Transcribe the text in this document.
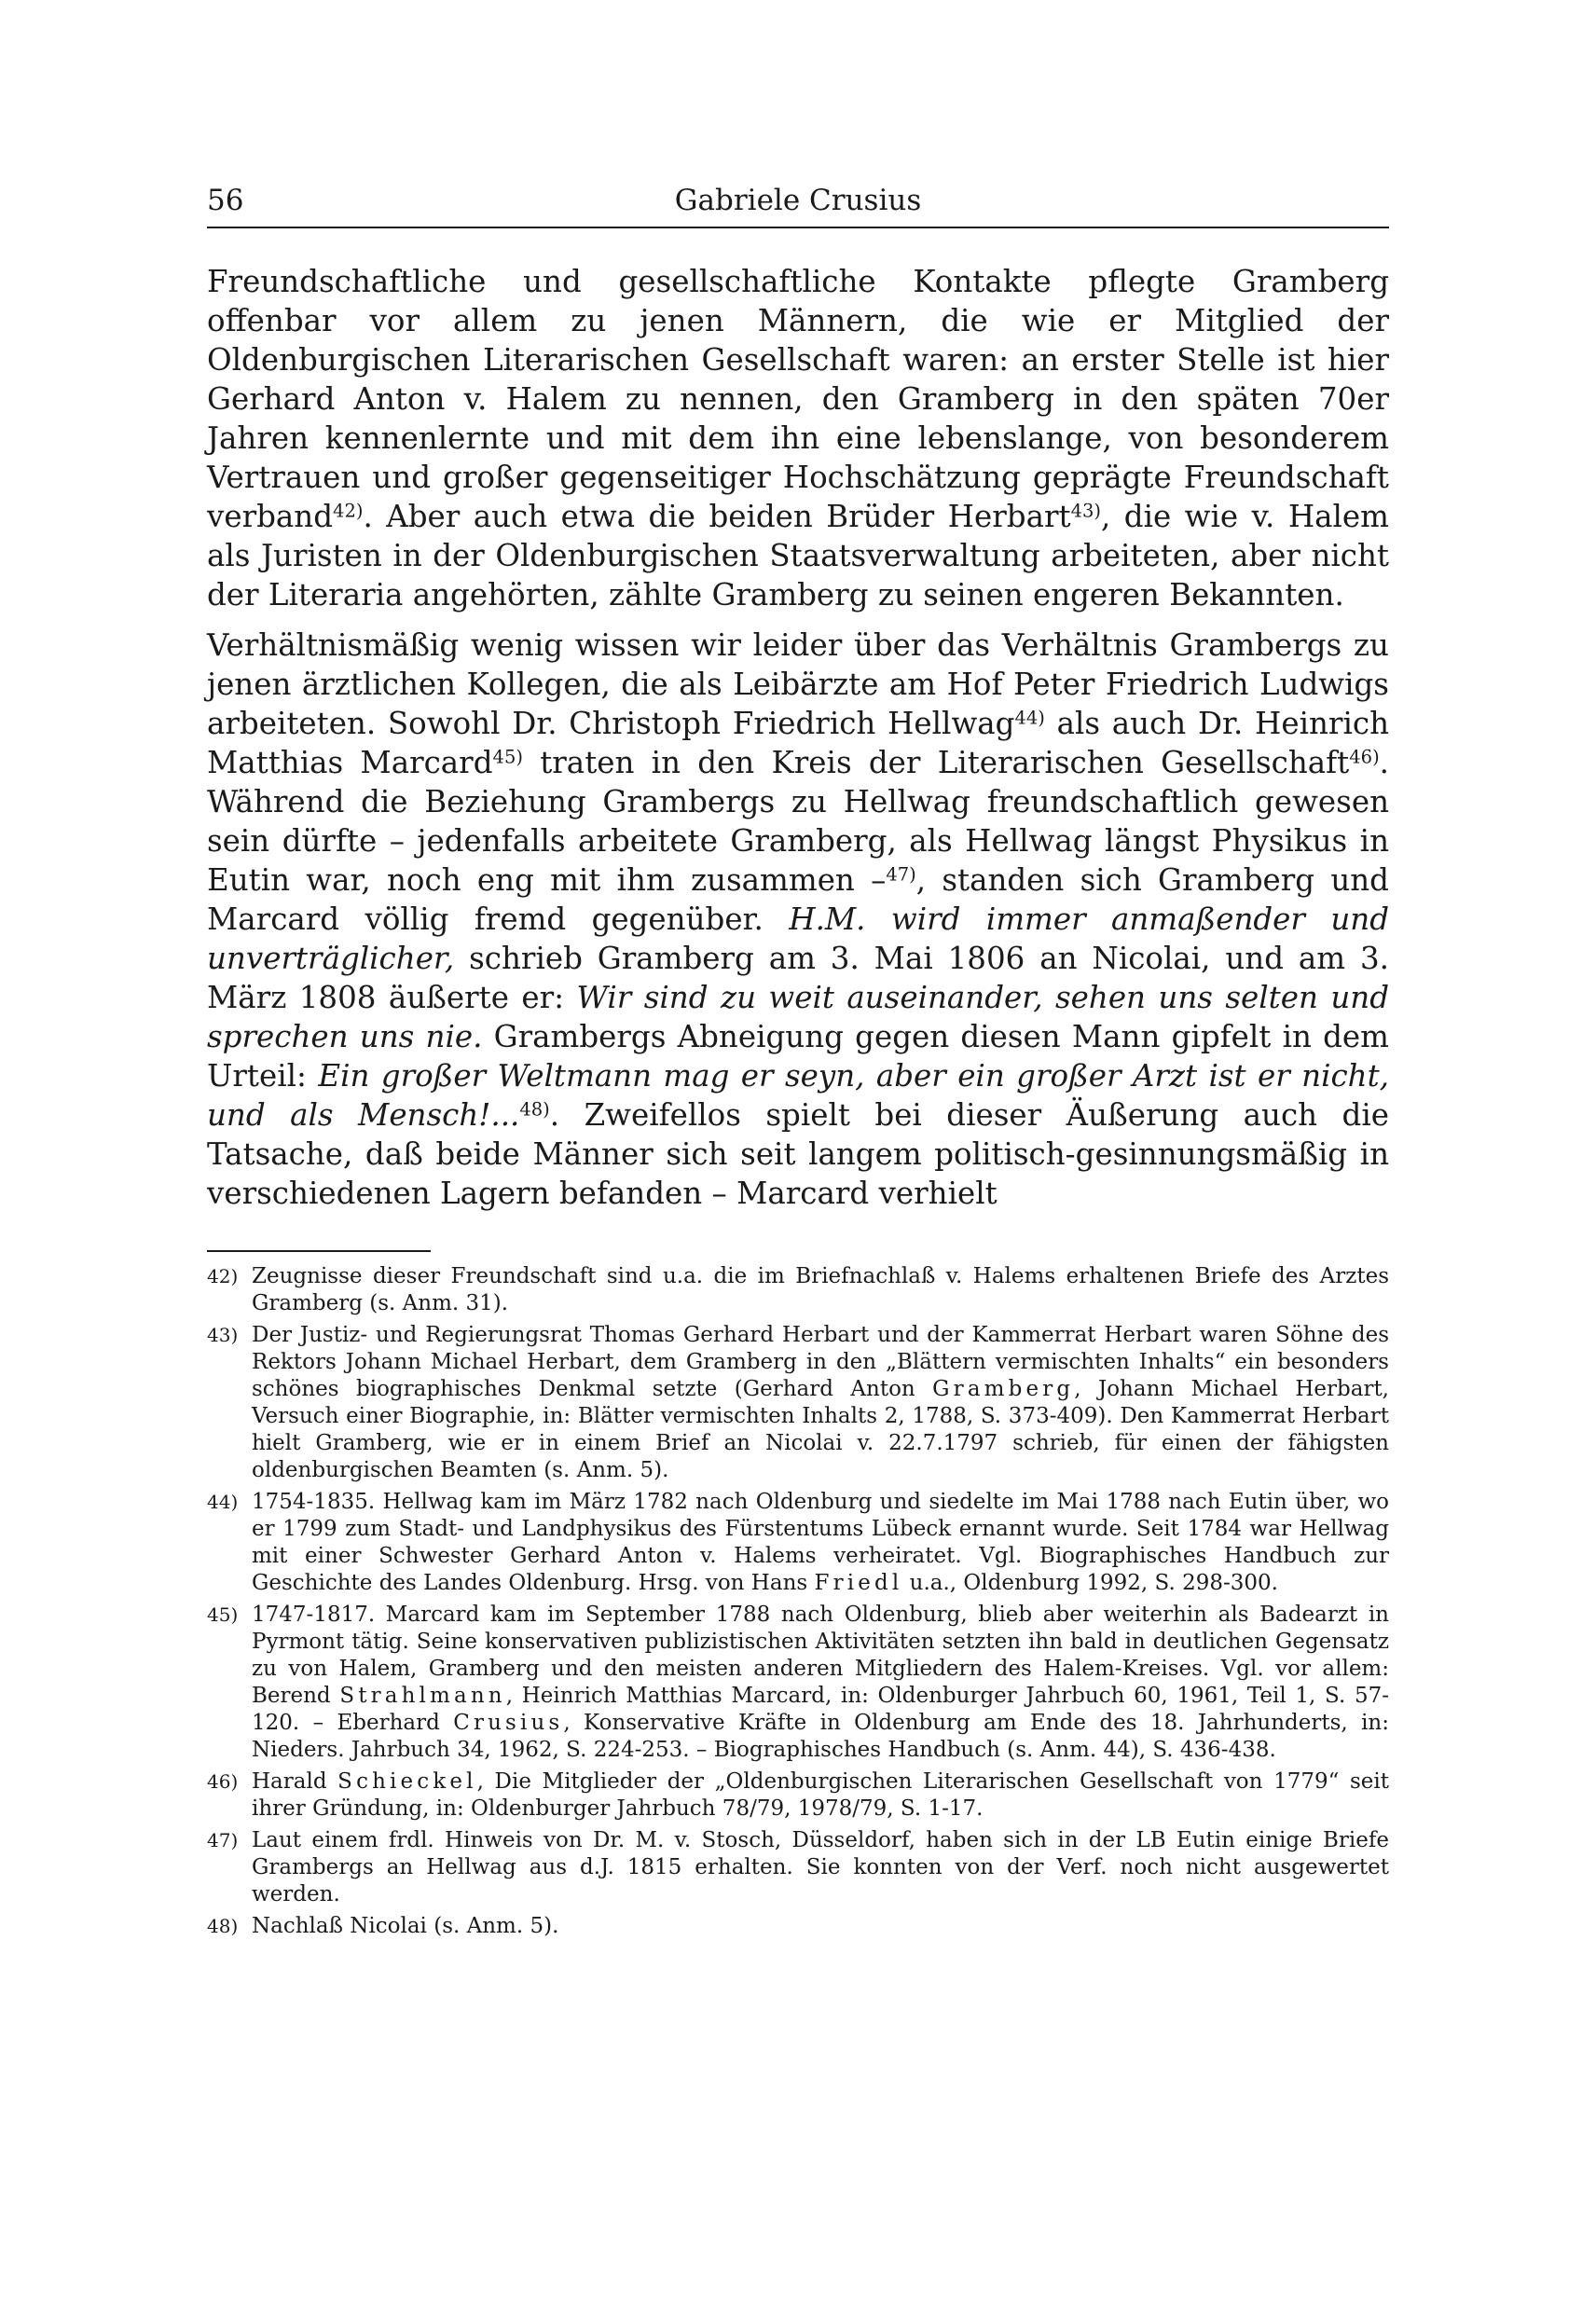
56	Gabriele Crusius

Freundschaftliche und gesellschaftliche Kontakte pflegte Gramberg offenbar vor allem zu jenen Männern, die wie er Mitglied der Oldenburgischen Literarischen Gesellschaft waren: an erster Stelle ist hier Gerhard Anton v. Halem zu nennen, den Gramberg in den späten 70er Jahren kennenlernte und mit dem ihn eine lebenslange, von besonderem Vertrauen und großer gegenseitiger Hochschätzung geprägte Freundschaft verband$^{42)}$. Aber auch etwa die beiden Brüder Herbart$^{43)}$, die wie v. Halem als Juristen in der Oldenburgischen Staatsverwaltung arbeiteten, aber nicht der Literaria angehörten, zählte Gramberg zu seinen engeren Bekannten.

Verhältnismäßig wenig wissen wir leider über das Verhältnis Grambergs zu jenen ärztlichen Kollegen, die als Leibärzte am Hof Peter Friedrich Ludwigs arbeiteten. Sowohl Dr. Christoph Friedrich Hellwag$^{44)}$ als auch Dr. Heinrich Matthias Marcard$^{45)}$ traten in den Kreis der Literarischen Gesellschaft$^{46)}$. Während die Beziehung Grambergs zu Hellwag freundschaftlich gewesen sein dürfte – jedenfalls arbeitete Gramberg, als Hellwag längst Physikus in Eutin war, noch eng mit ihm zusammen –$^{47)}$, standen sich Gramberg und Marcard völlig fremd gegenüber. H.M. wird immer anmaßender und unverträglicher, schrieb Gramberg am 3. Mai 1806 an Nicolai, und am 3. März 1808 äußerte er: Wir sind zu weit auseinander, sehen uns selten und sprechen uns nie. Grambergs Abneigung gegen diesen Mann gipfelt in dem Urteil: Ein großer Weltmann mag er seyn, aber ein großer Arzt ist er nicht, und als Mensch!...$^{48)}$. Zweifellos spielt bei dieser Äußerung auch die Tatsache, daß beide Männer sich seit langem politisch-gesinnungsmäßig in verschiedenen Lagern befanden – Marcard verhielt

42) Zeugnisse dieser Freundschaft sind u.a. die im Briefnachlaß v. Halems erhaltenen Briefe des Arztes Gramberg (s. Anm. 31).
43) Der Justiz- und Regierungsrat Thomas Gerhard Herbart und der Kammerrat Herbart waren Söhne des Rektors Johann Michael Herbart, dem Gramberg in den „Blättern vermischten Inhalts“ ein besonders schönes biographisches Denkmal setzte (Gerhard Anton Gramberg, Johann Michael Herbart, Versuch einer Biographie, in: Blätter vermischten Inhalts 2, 1788, S. 373-409). Den Kammerrat Herbart hielt Gramberg, wie er in einem Brief an Nicolai v. 22.7.1797 schrieb, für einen der fähigsten oldenburgischen Beamten (s. Anm. 5).
44) 1754-1835. Hellwag kam im März 1782 nach Oldenburg und siedelte im Mai 1788 nach Eutin über, wo er 1799 zum Stadt- und Landphysikus des Fürstentums Lübeck ernannt wurde. Seit 1784 war Hellwag mit einer Schwester Gerhard Anton v. Halems verheiratet. Vgl. Biographisches Handbuch zur Geschichte des Landes Oldenburg. Hrsg. von Hans Friedl u.a., Oldenburg 1992, S. 298-300.
45) 1747-1817. Marcard kam im September 1788 nach Oldenburg, blieb aber weiterhin als Badearzt in Pyrmont tätig. Seine konservativen publizistischen Aktivitäten setzten ihn bald in deutlichen Gegensatz zu von Halem, Gramberg und den meisten anderen Mitgliedern des Halem-Kreises. Vgl. vor allem: Berend Strahlmann, Heinrich Matthias Marcard, in: Oldenburger Jahrbuch 60, 1961, Teil 1, S. 57-120. – Eberhard Crusius, Konservative Kräfte in Oldenburg am Ende des 18. Jahrhunderts, in: Nieders. Jahrbuch 34, 1962, S. 224-253. – Biographisches Handbuch (s. Anm. 44), S. 436-438.
46) Harald Schieckel, Die Mitglieder der „Oldenburgischen Literarischen Gesellschaft von 1779“ seit ihrer Gründung, in: Oldenburger Jahrbuch 78/79, 1978/79, S. 1-17.
47) Laut einem frdl. Hinweis von Dr. M. v. Stosch, Düsseldorf, haben sich in der LB Eutin einige Briefe Grambergs an Hellwag aus d.J. 1815 erhalten. Sie konnten von der Verf. noch nicht ausgewertet werden.
48) Nachlaß Nicolai (s. Anm. 5).
